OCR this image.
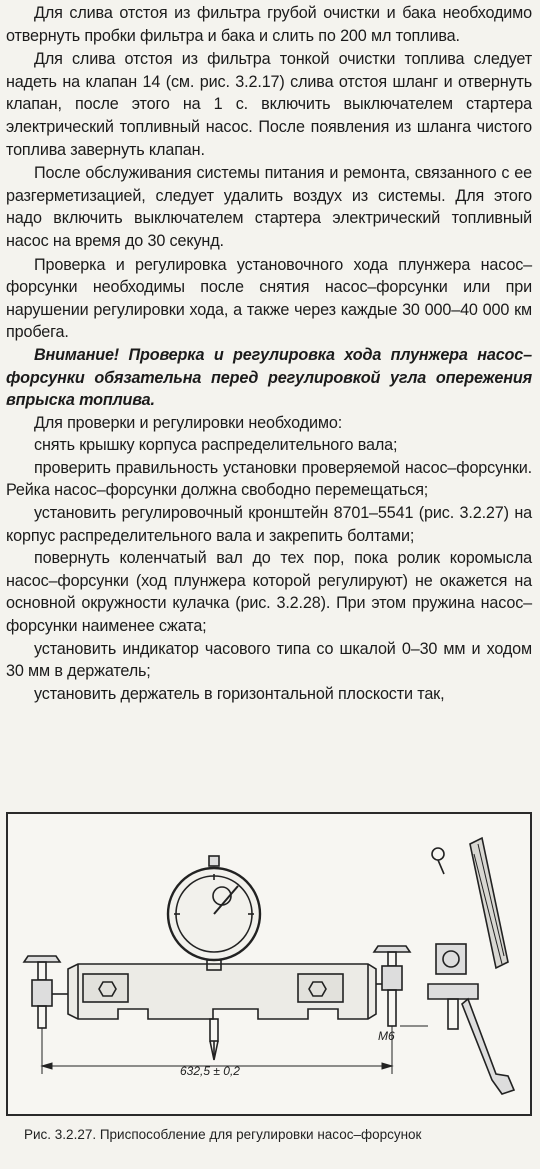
Для слива отстоя из фильтра грубой очистки и бака необходимо отвернуть пробки фильтра и бака и слить по 200 мл топлива.

Для слива отстоя из фильтра тонкой очистки топлива следует надеть на клапан 14 (см. рис. 3.2.17) слива отстоя шланг и отвернуть клапан, после этого на 1 с. включить выключателем стартера электрический топливный насос. После появления из шланга чистого топлива завернуть клапан.

После обслуживания системы питания и ремонта, связанного с ее разгерметизацией, следует удалить воздух из системы. Для этого надо включить выключателем стартера электрический топливный насос на время до 30 секунд.

Проверка и регулировка установочного хода плунжера насос–форсунки необходимы после снятия насос–форсунки или при нарушении регулировки хода, а также через каждые 30 000–40 000 км пробега.

Внимание! Проверка и регулировка хода плунжера насос–форсунки обязательна перед регулировкой угла опережения впрыска топлива.

Для проверки и регулировки необходимо:

снять крышку корпуса распределительного вала;

проверить правильность установки проверяемой насос–форсунки. Рейка насос–форсунки должна свободно перемещаться;

установить регулировочный кронштейн 8701–5541 (рис. 3.2.27) на корпус распределительного вала и закрепить болтами;

повернуть коленчатый вал до тех пор, пока ролик коромысла насос–форсунки (ход плунжера которой регулируют) не окажется на основной окружности кулачка (рис. 3.2.28). При этом пружина насос–форсунки наименее сжата;

установить индикатор часового типа со шкалой 0–30 мм и ходом 30 мм в держатель;

установить держатель в горизонтальной плоскости так,

632,5 ± 0,2
М6
Рис. 3.2.27. Приспособление для регулировки насос–форсунок
